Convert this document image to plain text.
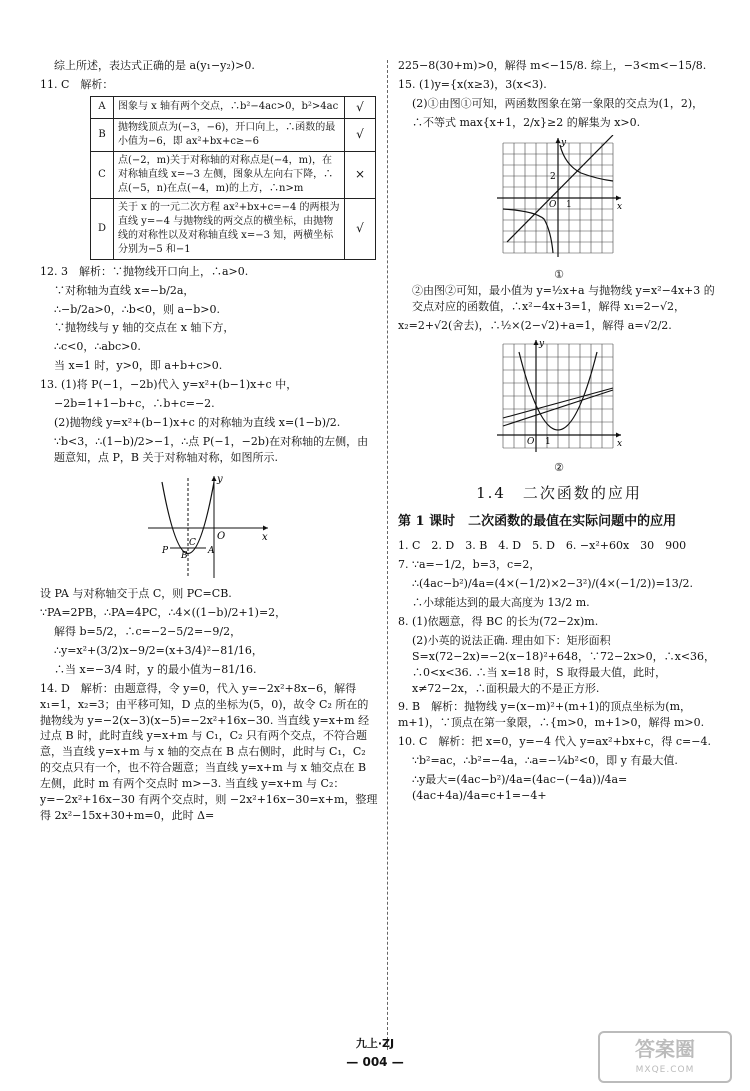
综上所述，表达式正确的是 a(y₁−y₂)>0.

11. C　解析：

A	图象与 x 轴有两个交点，∴b²−4ac>0，b²>4ac	√
B	抛物线顶点为(−3，−6)，开口向上，∴函数的最小值为−6，即 ax²+bx+c≥−6	√
C	点(−2，m)关于对称轴的对称点是(−4，m)，在对称轴直线 x=−3 左侧，图象从左向右下降，∴点(−5，n)在点(−4，m)的上方，∴n>m	×
D	关于 x 的一元二次方程 ax²+bx+c=−4 的两根为直线 y=−4 与抛物线的两交点的横坐标，由抛物线的对称性以及对称轴直线 x=−3 知，两横坐标分别为−5 和−1	√

12. 3　解析：∵抛物线开口向上，∴a>0.

∵对称轴为直线 x=−b/2a，

∴−b/2a>0，∴b<0，则 a−b>0.

∵抛物线与 y 轴的交点在 x 轴下方，

∴c<0，∴abc>0.

当 x=1 时，y>0，即 a+b+c>0.

13. (1)将 P(−1，−2b)代入 y=x²+(b−1)x+c 中，

−2b=1+1−b+c，∴b+c=−2.

(2)抛物线 y=x²+(b−1)x+c 的对称轴为直线 x=(1−b)/2.

∵b<3，∴(1−b)/2>−1，∴点 P(−1，−2b)在对称轴的左侧，由题意知，点 P，B 关于对称轴对称，如图所示.

y
x
O
C
P B A

设 PA 与对称轴交于点 C，则 PC=CB.

∵PA=2PB，∴PA=4PC，∴4×((1−b)/2+1)=2，

解得 b=5/2，∴c=−2−5/2=−9/2，

∴y=x²+(3/2)x−9/2=(x+3/4)²−81/16，

∴当 x=−3/4 时，y 的最小值为−81/16.

14. D　解析：由题意得，令 y=0，代入 y=−2x²+8x−6，解得 x₁=1，x₂=3；由平移可知，D 点的坐标为(5，0)，故令 C₂ 所在的抛物线为 y=−2(x−3)(x−5)=−2x²+16x−30. 当直线 y=x+m 经过点 B 时，此时直线 y=x+m 与 C₁，C₂ 只有两个交点，不符合题意，当直线 y=x+m 与 x 轴的交点在 B 点右侧时，此时与 C₁，C₂ 的交点只有一个，也不符合题意；当直线 y=x+m 与 x 轴交点在 B 左侧，此时 m 有两个交点时 m>−3. 当直线 y=x+m 与 C₂：y=−2x²+16x−30 有两个交点时，则 −2x²+16x−30=x+m，整理得 2x²−15x+30+m=0，此时 Δ=

225−8(30+m)>0，解得 m<−15/8. 综上，−3<m<−15/8.

15. (1)y={x(x≥3)，3(x<3).

(2)①由图①可知，两函数图象在第一象限的交点为(1，2)，

∴不等式 max{x+1，2/x}≥2 的解集为 x>0.

y
x
O 1
2
①

②由图②可知，最小值为 y=½x+a 与抛物线 y=x²−4x+3 的交点对应的函数值，∴x²−4x+3=1，解得 x₁=2−√2，

x₂=2+√2(舍去)，∴½×(2−√2)+a=1，解得 a=√2/2.

y
x
O 1
②
1.4　二次函数的应用
第 1 课时　二次函数的最值在实际问题中的应用

1. C　2. D　3. B　4. D　5. D　6. −x²+60x　30　900

7. ∵a=−1/2，b=3，c=2，

∴(4ac−b²)/4a=(4×(−1/2)×2−3²)/(4×(−1/2))=13/2.

∴小球能达到的最大高度为 13/2 m.

8. (1)依题意，得 BC 的长为(72−2x)m.

(2)小英的说法正确. 理由如下：矩形面积 S=x(72−2x)=−2(x−18)²+648，∵72−2x>0，∴x<36，∴0<x<36. ∴当 x=18 时，S 取得最大值，此时，x≠72−2x，∴面积最大的不是正方形.

9. B　解析：抛物线 y=(x−m)²+(m+1)的顶点坐标为(m，m+1)，∵顶点在第一象限，∴{m>0，m+1>0，解得 m>0.

10. C　解析：把 x=0，y=−4 代入 y=ax²+bx+c，得 c=−4.

∵b²=ac，∴b²=−4a，∴a=−¼b²<0，即 y 有最大值.

∴y最大=(4ac−b²)/4a=(4ac−(−4a))/4a=(4ac+4a)/4a=c+1=−4+

九上·ZJ
— 004 —
答案圈
MXQE.COM
